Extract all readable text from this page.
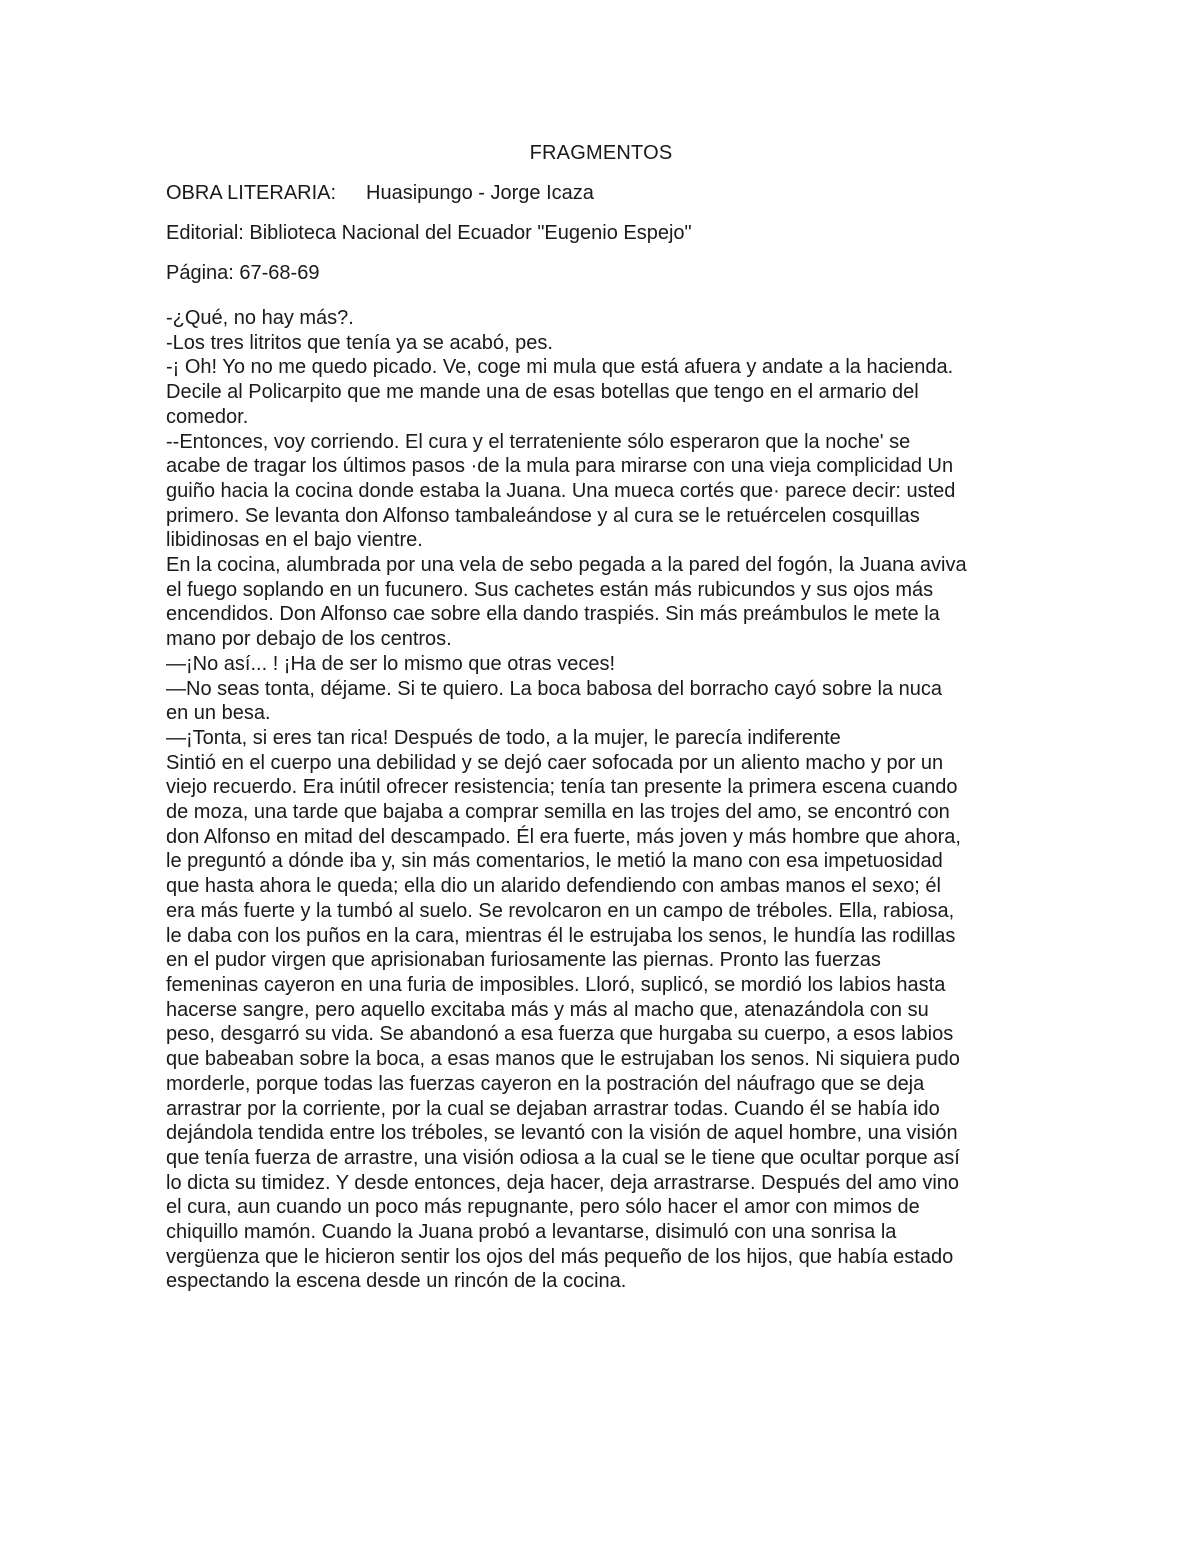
FRAGMENTOS
OBRA LITERARIA: Huasipungo - Jorge Icaza
Editorial: Biblioteca Nacional del Ecuador "Eugenio Espejo"
Página: 67-68-69
-¿Qué, no hay más?.
-Los tres litritos que tenía ya se acabó, pes.
-¡ Oh! Yo no me quedo picado. Ve, coge mi mula que está afuera y andate a la hacienda.
Decile al Policarpito que me mande una de esas botellas que tengo en el armario del
comedor.
--Entonces, voy corriendo. El cura y el terrateniente sólo esperaron que la noche' se
acabe de tragar los últimos pasos ·de la mula para mirarse con una vieja complicidad Un
guiño hacia la cocina donde estaba la Juana. Una mueca cortés que· parece decir: usted
primero. Se levanta don Alfonso tambaleándose y al cura se le retuércelen cosquillas
libidinosas en el bajo vientre.
En la cocina, alumbrada por una vela de sebo pegada a la pared del fogón, la Juana aviva
el fuego soplando en un fucunero. Sus cachetes están más rubicundos y sus ojos más
encendidos. Don Alfonso cae sobre ella dando traspiés. Sin más preámbulos le mete la
mano por debajo de los centros.
—¡No así... ! ¡Ha de ser lo mismo que otras veces!
—No seas tonta, déjame. Si te quiero. La boca babosa del borracho cayó sobre la nuca
en un besa.
—¡Tonta, si eres tan rica! Después de todo, a la mujer, le parecía indiferente
Sintió en el cuerpo una debilidad y se dejó caer sofocada por un aliento macho y por un
viejo recuerdo. Era inútil ofrecer resistencia; tenía tan presente la primera escena cuando
de moza, una tarde que bajaba a comprar semilla en las trojes del amo, se encontró con
don Alfonso en mitad del descampado. Él era fuerte, más joven y más hombre que ahora,
le preguntó a dónde iba y, sin más comentarios, le metió la mano con esa impetuosidad
que hasta ahora le queda; ella dio un alarido defendiendo con ambas manos el sexo; él
era más fuerte y la tumbó al suelo. Se revolcaron en un campo de tréboles. Ella, rabiosa,
le daba con los puños en la cara, mientras él le estrujaba los senos, le hundía las rodillas
en el pudor virgen que aprisionaban furiosamente las piernas. Pronto las fuerzas
femeninas cayeron en una furia de imposibles. Lloró, suplicó, se mordió los labios hasta
hacerse sangre, pero aquello excitaba más y más al macho que, atenazándola con su
peso, desgarró su vida. Se abandonó a esa fuerza que hurgaba su cuerpo, a esos labios
que babeaban sobre la boca, a esas manos que le estrujaban los senos. Ni siquiera pudo
morderle, porque todas las fuerzas cayeron en la postración del náufrago que se deja
arrastrar por la corriente, por la cual se dejaban arrastrar todas. Cuando él se había ido
dejándola tendida entre los tréboles, se levantó con la visión de aquel hombre, una visión
que tenía fuerza de arrastre, una visión odiosa a la cual se le tiene que ocultar porque así
lo dicta su timidez. Y desde entonces, deja hacer, deja arrastrarse. Después del amo vino
el cura, aun cuando un poco más repugnante, pero sólo hacer el amor con mimos de
chiquillo mamón. Cuando la Juana probó a levantarse, disimuló con una sonrisa la
vergüenza que le hicieron sentir los ojos del más pequeño de los hijos, que había estado
espectando la escena desde un rincón de la cocina.
